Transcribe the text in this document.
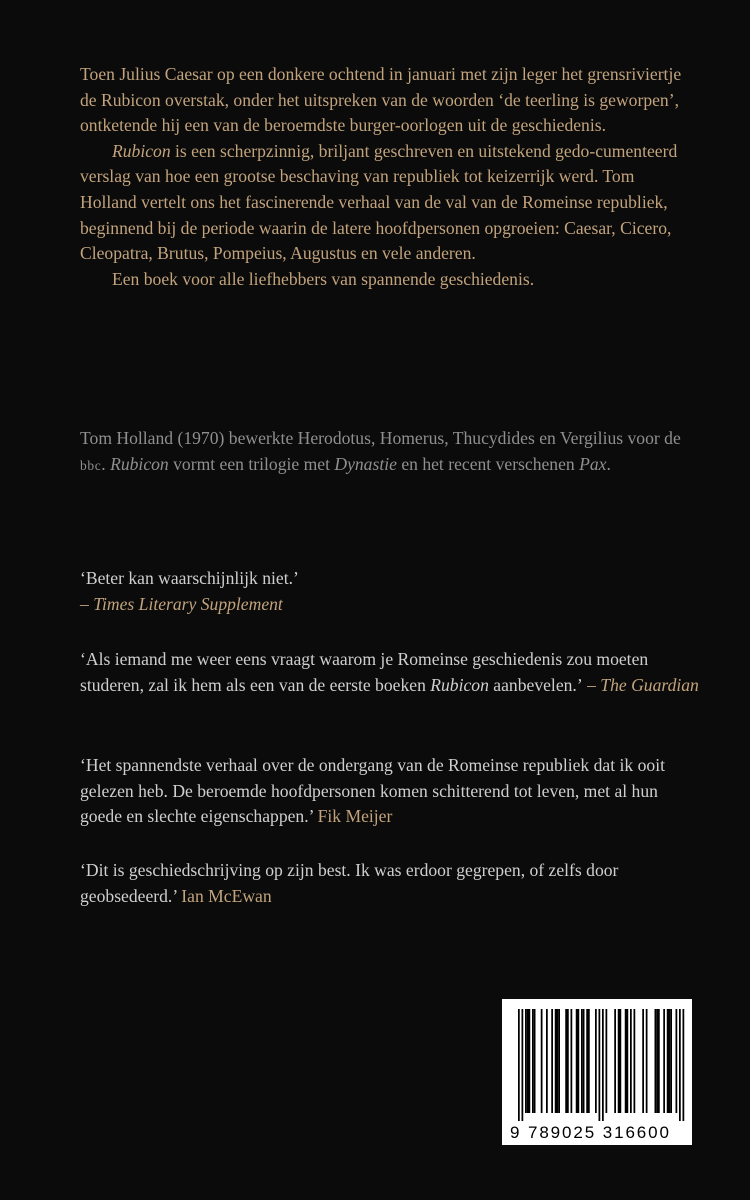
Toen Julius Caesar op een donkere ochtend in januari met zijn leger het grensriviertje de Rubicon overstak, onder het uitspreken van de woorden ‘de teerling is geworpen’, ontketende hij een van de beroemdste burger-oorlogen uit de geschiedenis.

Rubicon is een scherpzinnig, briljant geschreven en uitstekend gedo-cumenteerd verslag van hoe een grootse beschaving van republiek tot keizerrijk werd. Tom Holland vertelt ons het fascinerende verhaal van de val van de Romeinse republiek, beginnend bij de periode waarin de latere hoofdpersonen opgroeien: Caesar, Cicero, Cleopatra, Brutus, Pompeius, Augustus en vele anderen.

Een boek voor alle liefhebbers van spannende geschiedenis.

Tom Holland (1970) bewerkte Herodotus, Homerus, Thucydides en Vergilius voor de bbc. Rubicon vormt een trilogie met Dynastie en het recent verschenen Pax.

‘Beter kan waarschijnlijk niet.’
– Times Literary Supplement

‘Als iemand me weer eens vraagt waarom je Romeinse geschiedenis zou moeten studeren, zal ik hem als een van de eerste boeken Rubicon aanbevelen.’ – The Guardian

‘Het spannendste verhaal over de ondergang van de Romeinse republiek dat ik ooit gelezen heb. De beroemde hoofdpersonen komen schitterend tot leven, met al hun goede en slechte eigenschappen.’ Fik Meijer

‘Dit is geschiedschrijving op zijn best. Ik was erdoor gegrepen, of zelfs door geobsedeerd.’ Ian McEwan

9 789025 316600
